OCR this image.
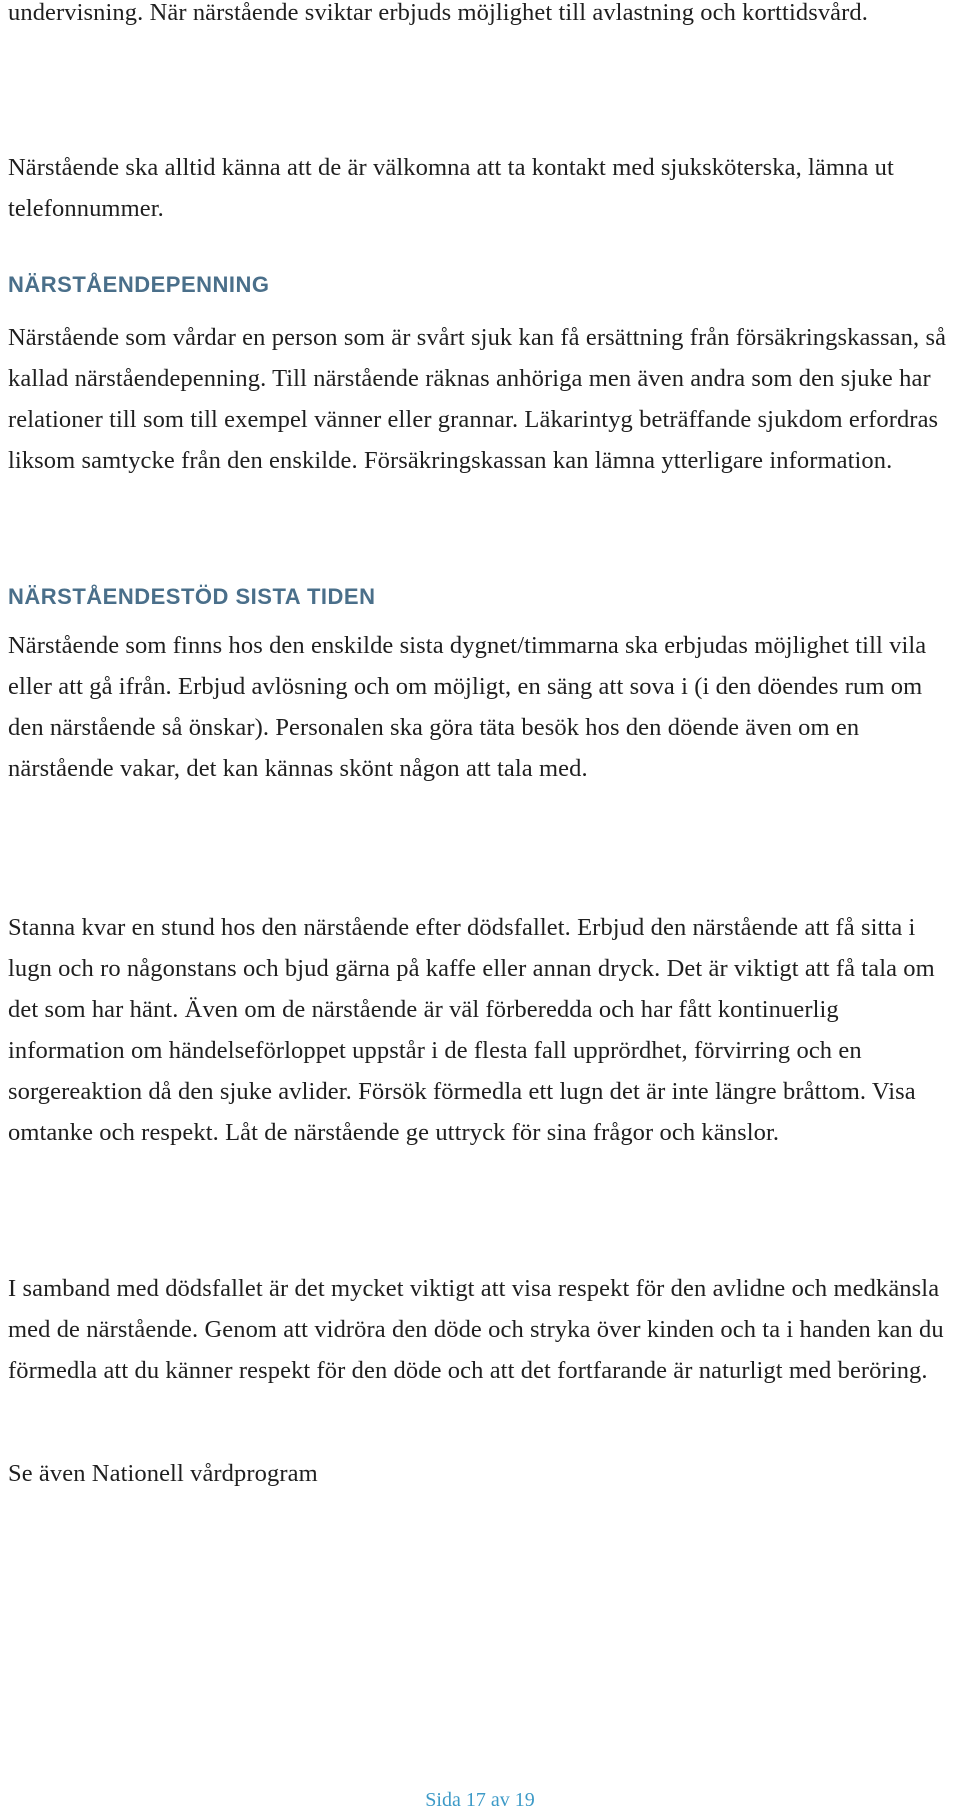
undervisning. När närstående sviktar erbjuds möjlighet till avlastning och korttidsvård.

Närstående ska alltid känna att de är välkomna att ta kontakt med sjuksköterska, lämna ut telefonnummer.

NÄRSTÅENDEPENNING

Närstående som vårdar en person som är svårt sjuk kan få ersättning från försäkringskassan, så kallad närståendepenning. Till närstående räknas anhöriga men även andra som den sjuke har relationer till som till exempel vänner eller grannar. Läkarintyg beträffande sjukdom erfordras liksom samtycke från den enskilde. Försäkringskassan kan lämna ytterligare information.

NÄRSTÅENDESTÖD SISTA TIDEN

Närstående som finns hos den enskilde sista dygnet/timmarna ska erbjudas möjlighet till vila eller att gå ifrån. Erbjud avlösning och om möjligt, en säng att sova i (i den döendes rum om den närstående så önskar). Personalen ska göra täta besök hos den döende även om en närstående vakar, det kan kännas skönt någon att tala med.

Stanna kvar en stund hos den närstående efter dödsfallet. Erbjud den närstående att få sitta i lugn och ro någonstans och bjud gärna på kaffe eller annan dryck. Det är viktigt att få tala om det som har hänt. Även om de närstående är väl förberedda och har fått kontinuerlig information om händelseförloppet uppstår i de flesta fall upprördhet, förvirring och en sorgereaktion då den sjuke avlider. Försök förmedla ett lugn det är inte längre bråttom. Visa omtanke och respekt. Låt de närstående ge uttryck för sina frågor och känslor.

I samband med dödsfallet är det mycket viktigt att visa respekt för den avlidne och medkänsla med de närstående. Genom att vidröra den döde och stryka över kinden och ta i handen kan du förmedla att du känner respekt för den döde och att det fortfarande är naturligt med beröring.

Se även Nationell vårdprogram

Sida 17 av 19
